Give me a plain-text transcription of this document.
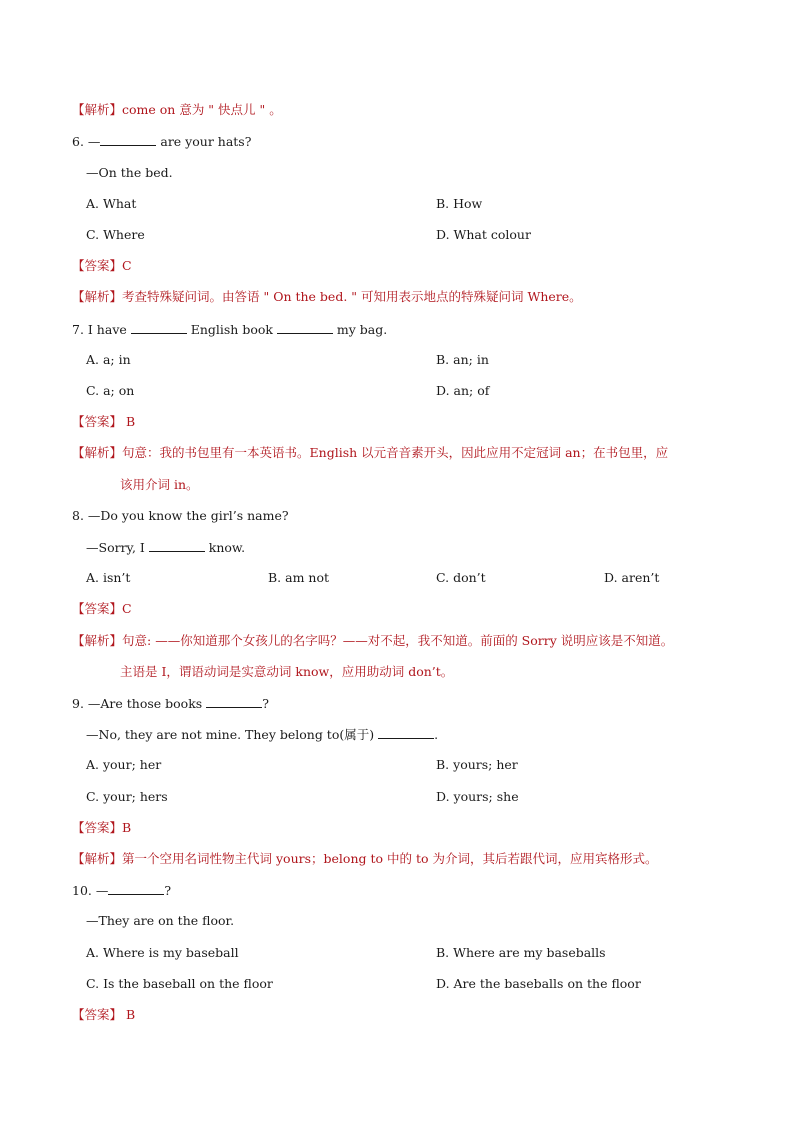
【解析】come on 意为 " 快点儿 " 。
6. —	are your hats?
—On the bed.
A. What	B. How
C. Where	D. What colour
【答案】C
【解析】考查特殊疑问词。由答语 " On the bed. " 可知用表示地点的特殊疑问词 Where。
7. I have	English book	my bag.
A. a; in	B. an; in
C. a; on	D. an; of
【答案】 B
【解析】句意：我的书包里有一本英语书。English 以元音音素开头，因此应用不定冠词 an；在书包里，应
该用介词 in。
8. —Do you know the girl’s name?
—Sorry, I	know.
A. isn’t	B. am not	C. don’t	D. aren’t
【答案】C
【解析】句意: ——你知道那个女孩儿的名字吗？——对不起，我不知道。前面的 Sorry 说明应该是不知道。
主语是 I，谓语动词是实意动词 know，应用助动词 don’t。
9. —Are those books	?
—No, they are not mine. They belong to(属于)	.
A. your; her	B. yours; her
C. your; hers	D. yours; she
【答案】B
【解析】第一个空用名词性物主代词 yours；belong to 中的 to 为介词，其后若跟代词，应用宾格形式。
10. —	?
—They are on the floor.
A. Where is my baseball	B. Where are my baseballs
C. Is the baseball on the floor	D. Are the baseballs on the floor
【答案】 B
